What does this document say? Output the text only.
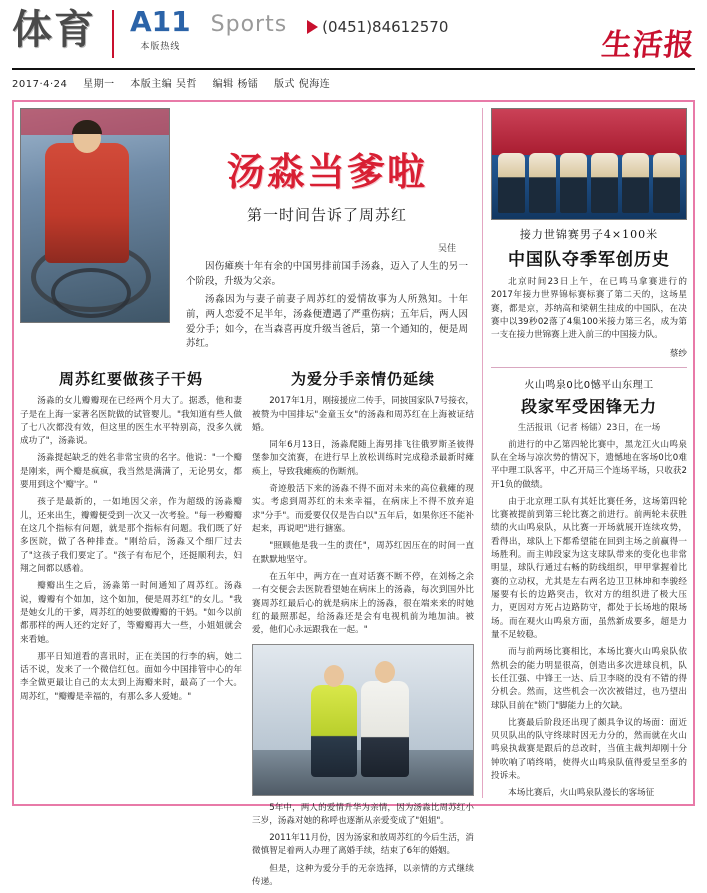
体育 A11
本版热线
Sports (0451)84612570
生活报
2017·4·24 星期一 本版主编 吴哲 编辑 杨镭 版式 倪海连
汤淼当爹啦
第一时间告诉了周苏红
吴佳

因伤瘫痪十年有余的中国男排前国手汤淼，迈入了人生的另一个阶段，升级为父亲。

汤淼因为与妻子前妻子周苏红的爱情故事为人所熟知。十年前，两人恋爱不足半年，汤淼便遭遇了严重伤病；五年后，两人因爱分手；如今，在当森喜再度升级当爸后，第一个通知的，便是周苏红。

周苏红要做孩子干妈

汤淼的女儿瓣瓣现在已经两个月大了。据悉，他和妻子是在上海一家著名医院做的试管婴儿。"我知道有些人做了七八次都没有效，但这里的医生水平特别高，没多久就成功了"，汤淼说。

汤淼提起缺乏的姓名非常宝贵的名字。他说："一个瓣是刚来，两个瓣是疯疯，我当然是满满了，无论男女，都要用到这个'瓣'字。"

孩子是最新的，一如地因父亲，作为超级的汤淼瓣儿，还来出生，瓣瓣便受到一次又一次考验。"每一秒瓣瓣在这几个指标有问题，就是那个指标有问题。我们既了好多医院，做了各种排查。"刚给后，汤淼又个细厂过去了"这孩子我们要定了。"孩子有布尼个，还挺顺利去，妇翔之间都以感着。

瓣瓣出生之后，汤淼第一时间通知了周苏红。汤淼说，瓣瓣有个如加，这个如加，便是周苏红"的女儿。"我是她女儿的干爹，周苏红的她要做瓣瓣的干妈。"如今以前都那样的两人还约定好了，等瓣瓣再大一些，小姐姐就会来看她。

那平日知道看的喜讯时，正在美国的行李的病，她二话不说，发来了一个微信红包。面如今中国排管中心的年李全做更最让自己的太太到上海瓣来时，最高了一个大。周苏红，"瓣瓣是幸福的，有那么多人爱她。"

为爱分手亲情仍延续

2017年1月，刚接援应二传手，同披国家队7号接衣，被赞为中国排坛"金童玉女"的汤淼和周苏红在上海被证结婚。

同年6月13日，汤淼爬随上海男排飞往俄罗斯圣彼得堡参加交流赛，在进行早上放松训练时完成稳杀最新时瘫痪上，导致我瘫痪的伤断剂。

奇迹般活下来的汤淼不得不面对未来的高位截瘫的现实。考虑到周苏红的未来幸福，在病床上不得不放弃追求"分手"。而爱要仅仅是告白以"五年后，如果你还不能补起来，再说吧"进行搪塞。

"照顾他是我一生的责任"，周苏红因压在的时间一直在默默地坚守。

在五年中，两方在一直对话赛不断不停，在刘杨之余一有交便会去医院看望她在病床上的汤淼，每次到国外比赛周苏红最后心的就是病床上的汤淼，很在端来来的时她红的最照那起，给汤淼还是会有电视机前为地加油。被爱，他们心永远跟我在一起。"

5年中，两人的爱情升华为亲情，因为汤淼比周苏红小三岁，汤淼对她的称呼也逐渐从亲爱变成了"姐姐"。

2011年11月份，因为汤家和放周苏红的今后生活，消微慎智足着两人办理了离婚手续，结束了6年的婚姻。

但是，这种为爱分手的无奈选择，以亲情的方式继续传递。

接力世锦赛男子4×100米
中国队夺季军创历史

北京时间23日上午，在已鸣马拿赛进行的2017年接力世界锦标赛标赛了第二天的，这场星赛，都是京，苏纳高和梁朝生挂成的中国队，在决赛中以39秒02落了4集100米接力第三名，成为第一支在接力世锦赛上进入前三的中国接力队。

蔡纱
火山鸣泉0比0憾平山东理工
段家军受困锋无力
生活报讯（记者 杨镭）23日，在一场

前进行的中乙第四轮比赛中，黑龙江火山鸣泉队在全场与凉次势的情况下，遗憾地在客场0比0难平中理工队客平，中乙开局三个连场平场，只收获2开1负的做绩。

由于北京理工队有其妊比赛任务，这场第四轮比赛被提前到第三轮比赛之前进行。前两轮未获胜绩的火山鸣泉队，从比赛一开场就展开连续攻势，看得出，球队上下都希望能在回到主场之前赢得一场胜利。而主帅段家为这支球队带来的变化也非常明显，球队行通过右畅的防线组织，甲甲掌握着比赛的立动权，尤其是左右两名边卫卫林坤和李骏经屡要有长的边路突击，钦对方的组织进了极大压力，更因对方死占边路防守，都处于长场地的限场场。而在观火山鸣泉方面，虽然新成要多，超是力量不足较稳。

而与前两场比赛相比，本场比赛火山鸣泉队依然机会的能力明显很高，创造出多次进球良机，队长任江强、中锋王一达、后卫李晓的没有不错的得分机会。然而，这些机会一次次被错过，也乃望出球队目前在"锁门"脚能力上的欠缺。

比赛最后阶段还出现了颇具争议的场面：面近贝贝队出的队守终球时因无力分的，然而就在火山鸣泉执裁赛是跟后的总改时，当值主裁判却刚十分钟吹响了哨终哨，使得火山鸣泉队值得爱呈至多的投诉未。

本场比赛后，火山鸣泉队漫长的客场征
